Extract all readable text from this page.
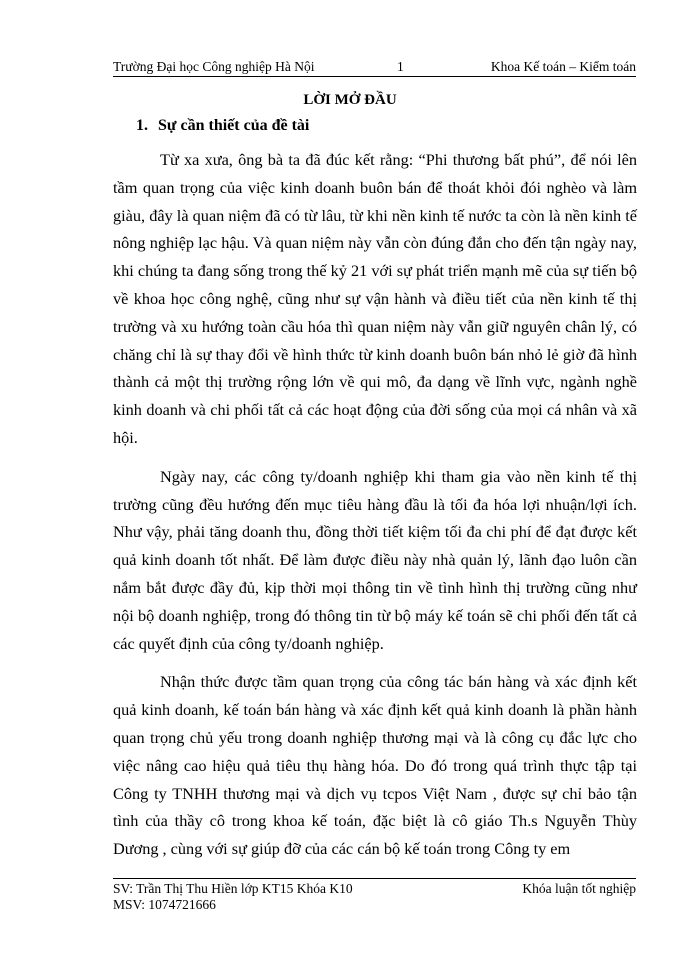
Trường Đại học Công nghiệp Hà Nội	1	Khoa Kế toán – Kiểm toán
LỜI MỞ ĐẦU
1. Sự cần thiết của đề tài

Từ xa xưa, ông bà ta đã đúc kết rằng: “Phi thương bất phú”, để nói lên tầm quan trọng của việc kinh doanh buôn bán để thoát khỏi đói nghèo và làm giàu, đây là quan niệm đã có từ lâu, từ khi nền kinh tế nước ta còn là nền kinh tế nông nghiệp lạc hậu. Và quan niệm này vẫn còn đúng đắn cho đến tận ngày nay, khi chúng ta đang sống trong thế kỷ 21 với sự phát triển mạnh mẽ của sự tiến bộ về khoa học công nghệ, cũng như sự vận hành và điều tiết của nền kinh tế thị trường và xu hướng toàn cầu hóa thì quan niệm này vẫn giữ nguyên chân lý, có chăng chỉ là sự thay đổi về hình thức từ kinh doanh buôn bán nhỏ lẻ giờ đã hình thành cả một thị trường rộng lớn về qui mô, đa dạng về lĩnh vực, ngành nghề kinh doanh và chi phối tất cả các hoạt động của đời sống của mọi cá nhân và xã hội.

Ngày nay, các công ty/doanh nghiệp khi tham gia vào nền kinh tế thị trường cũng đều hướng đến mục tiêu hàng đầu là tối đa hóa lợi nhuận/lợi ích. Như vậy, phải tăng doanh thu, đồng thời tiết kiệm tối đa chi phí để đạt được kết quả kinh doanh tốt nhất. Để làm được điều này nhà quản lý, lãnh đạo luôn cần nắm bắt được đầy đủ, kịp thời mọi thông tin về tình hình thị trường cũng như nội bộ doanh nghiệp, trong đó thông tin từ bộ máy kế toán sẽ chi phối đến tất cả các quyết định của công ty/doanh nghiệp.

Nhận thức được tầm quan trọng của công tác bán hàng và xác định kết quả kinh doanh, kế toán bán hàng và xác định kết quả kinh doanh là phần hành quan trọng chủ yếu trong doanh nghiệp thương mại và là công cụ đắc lực cho việc nâng cao hiệu quả tiêu thụ hàng hóa. Do đó trong quá trình thực tập tại Công ty TNHH thương mại và dịch vụ tcpos Việt Nam , được sự chỉ bảo tận tình của thầy cô trong khoa kế toán, đặc biệt là cô giáo Th.s Nguyễn Thùy Dương , cùng với sự giúp đỡ của các cán bộ kế toán trong Công ty em

SV: Trần Thị Thu Hiền lớp KT15 Khóa K10	Khóa luận tốt nghiệp
MSV: 1074721666
